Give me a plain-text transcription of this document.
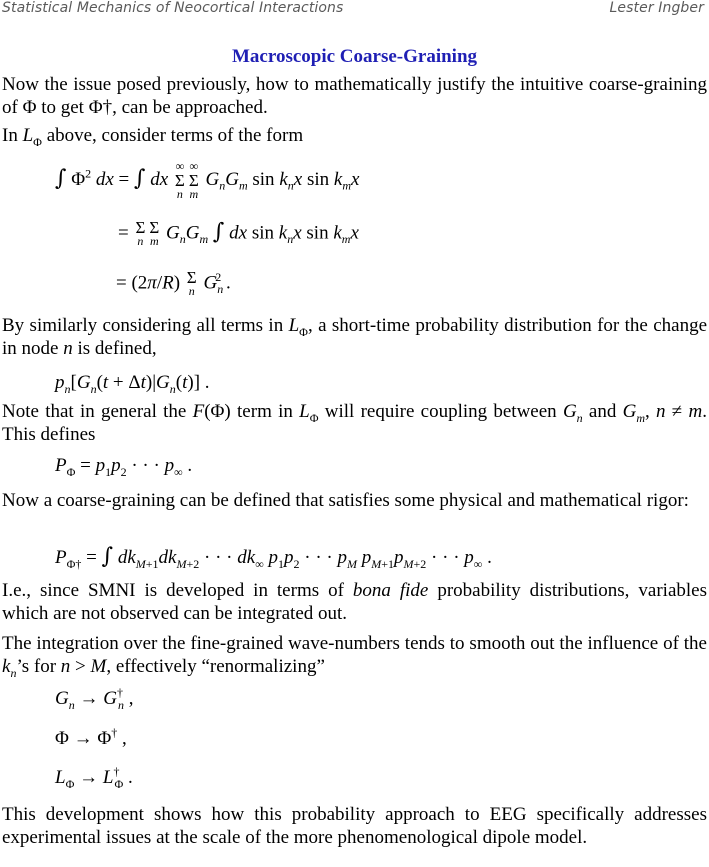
Statistical Mechanics of Neocortical Interactions	Lester Ingber
Macroscopic Coarse-Graining
Now the issue posed previously, how to mathematically justify the intuitive coarse-graining of Φ to get Φ†, can be approached.
In $L_\Phi$ above, consider terms of the form
∫ $\Phi^2$ dx = ∫ dx
∞
Σ
n
∞
Σ
m
$G_nG_m$ $\sin k_nx$ $\sin k_mx$
= Σ
n
Σ
m $G_nG_m$ ∫ dx $\sin k_nx$ $\sin k_mx$
= (2π/R) Σ
n $G_n^2$ .
By similarly considering all terms in $L_\Phi$, a short-time probability distribution for the change in node n is defined,
$p_n[G_n(t + \Delta t)|G_n(t)]$ .
Note that in general the F(Φ) term in $L_\Phi$ will require coupling between $G_n$ and $G_m$, n ≠ m. This defines
$P_\Phi = p_1p_2$ · · · $p_\infty$ .
Now a coarse-graining can be defined that satisfies some physical and mathematical rigor:
$P_{\Phi\dagger}$ = ∫ $dk_{M+1}dk_{M+2}$ · · · $dk_\infty$ $p_1p_2$ · · · $p_M$ $p_{M+1}p_{M+2}$ · · · $p_\infty$ .
I.e., since SMNI is developed in terms of bona fide probability distributions, variables which are not observed can be integrated out.
The integration over the fine-grained wave-numbers tends to smooth out the influence of the $k_n’s$ for n > M, effectively “renormalizing”
$G_n \to G^\dagger_n$ ,
Φ → Φ† ,
$L_\Phi \to L^\dagger_\Phi$ .
This development shows how this probability approach to EEG specifically addresses experimental issues at the scale of the more phenomenological dipole model.
